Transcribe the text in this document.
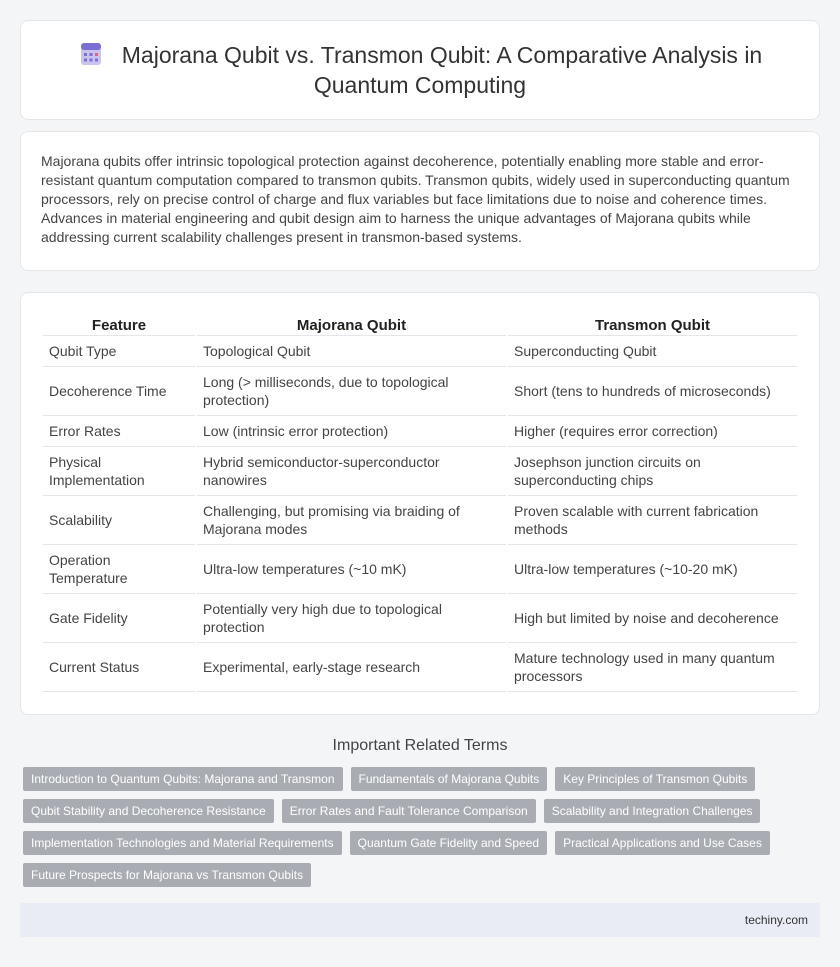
Majorana Qubit vs. Transmon Qubit: A Comparative Analysis in Quantum Computing

Majorana qubits offer intrinsic topological protection against decoherence, potentially enabling more stable and error-resistant quantum computation compared to transmon qubits. Transmon qubits, widely used in superconducting quantum processors, rely on precise control of charge and flux variables but face limitations due to noise and coherence times. Advances in material engineering and qubit design aim to harness the unique advantages of Majorana qubits while addressing current scalability challenges present in transmon-based systems.

Feature	Majorana Qubit	Transmon Qubit
Qubit Type	Topological Qubit	Superconducting Qubit
Decoherence Time	Long (> milliseconds, due to topological protection)	Short (tens to hundreds of microseconds)
Error Rates	Low (intrinsic error protection)	Higher (requires error correction)
Physical Implementation	Hybrid semiconductor-superconductor nanowires	Josephson junction circuits on superconducting chips
Scalability	Challenging, but promising via braiding of Majorana modes	Proven scalable with current fabrication methods
Operation Temperature	Ultra-low temperatures (~10 mK)	Ultra-low temperatures (~10-20 mK)
Gate Fidelity	Potentially very high due to topological protection	High but limited by noise and decoherence
Current Status	Experimental, early-stage research	Mature technology used in many quantum processors
Important Related Terms
Introduction to Quantum Qubits: Majorana and Transmon	Fundamentals of Majorana Qubits	Key Principles of Transmon Qubits
Qubit Stability and Decoherence Resistance	Error Rates and Fault Tolerance Comparison	Scalability and Integration Challenges
Implementation Technologies and Material Requirements	Quantum Gate Fidelity and Speed	Practical Applications and Use Cases
Future Prospects for Majorana vs Transmon Qubits
techiny.com
